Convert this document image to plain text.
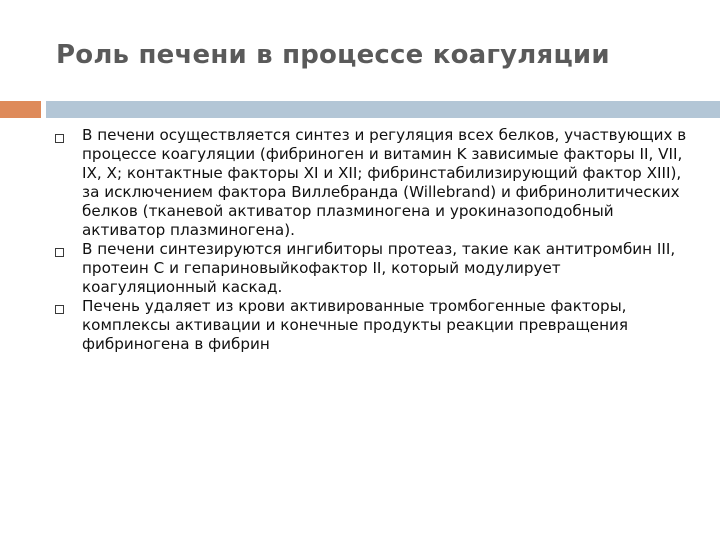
Роль печени в процессе коагуляции
В печени осуществляется синтез и регуляция всех белков, участвующих в процессе коагуляции (фибриноген и витамин K зависимые факторы II, VII, IX, X; контактные факторы XI и XII; фибринстабилизирующий фактор XIII), за исключением фактора Виллебранда (Willebrand) и фибринолитических белков (тканевой активатор плазминогена и урокиназоподобный активатор плазминогена).
В печени синтезируются ингибиторы протеаз, такие как антитромбин III, протеин C и гепариновыйкофактор II, который модулирует коагуляционный каскад.
Печень удаляет из крови активированные тромбогенные факторы, комплексы активации и конечные продукты реакции превращения фибриногена в фибрин
